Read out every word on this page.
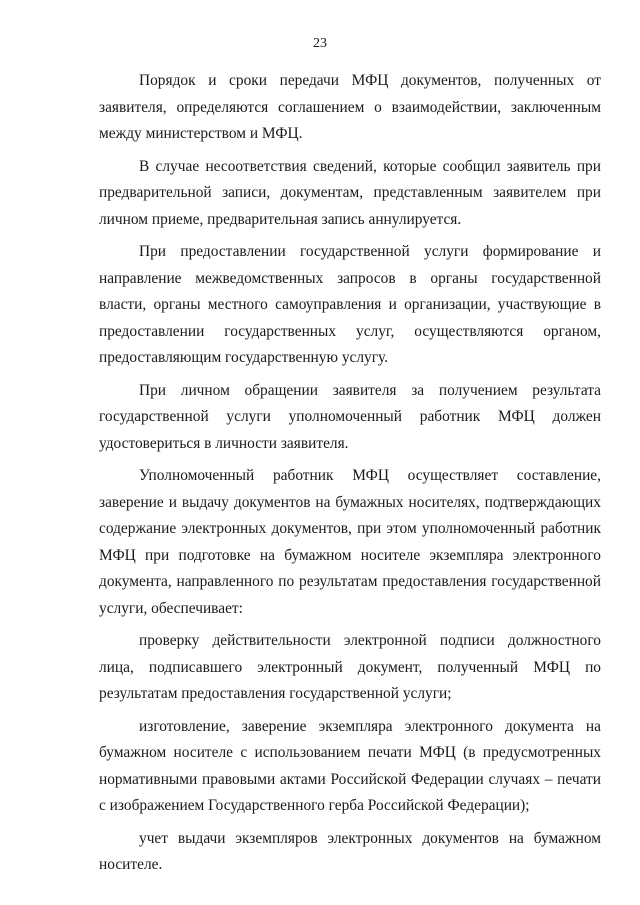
23

Порядок и сроки передачи МФЦ документов, полученных от заявителя, определяются соглашением о взаимодействии, заключенным между министерством и МФЦ.

В случае несоответствия сведений, которые сообщил заявитель при предварительной записи, документам, представленным заявителем при личном приеме, предварительная запись аннулируется.

При предоставлении государственной услуги формирование и направление межведомственных запросов в органы государственной власти, органы местного самоуправления и организации, участвующие в предоставлении государственных услуг, осуществляются органом, предоставляющим государственную услугу.

При личном обращении заявителя за получением результата государственной услуги уполномоченный работник МФЦ должен удостовериться в личности заявителя.

Уполномоченный работник МФЦ осуществляет составление, заверение и выдачу документов на бумажных носителях, подтверждающих содержание электронных документов, при этом уполномоченный работник МФЦ при подготовке на бумажном носителе экземпляра электронного документа, направленного по результатам предоставления государственной услуги, обеспечивает:

проверку действительности электронной подписи должностного лица, подписавшего электронный документ, полученный МФЦ по результатам предоставления государственной услуги;

изготовление, заверение экземпляра электронного документа на бумажном носителе с использованием печати МФЦ (в предусмотренных нормативными правовыми актами Российской Федерации случаях – печати с изображением Государственного герба Российской Федерации);

учет выдачи экземпляров электронных документов на бумажном носителе.
